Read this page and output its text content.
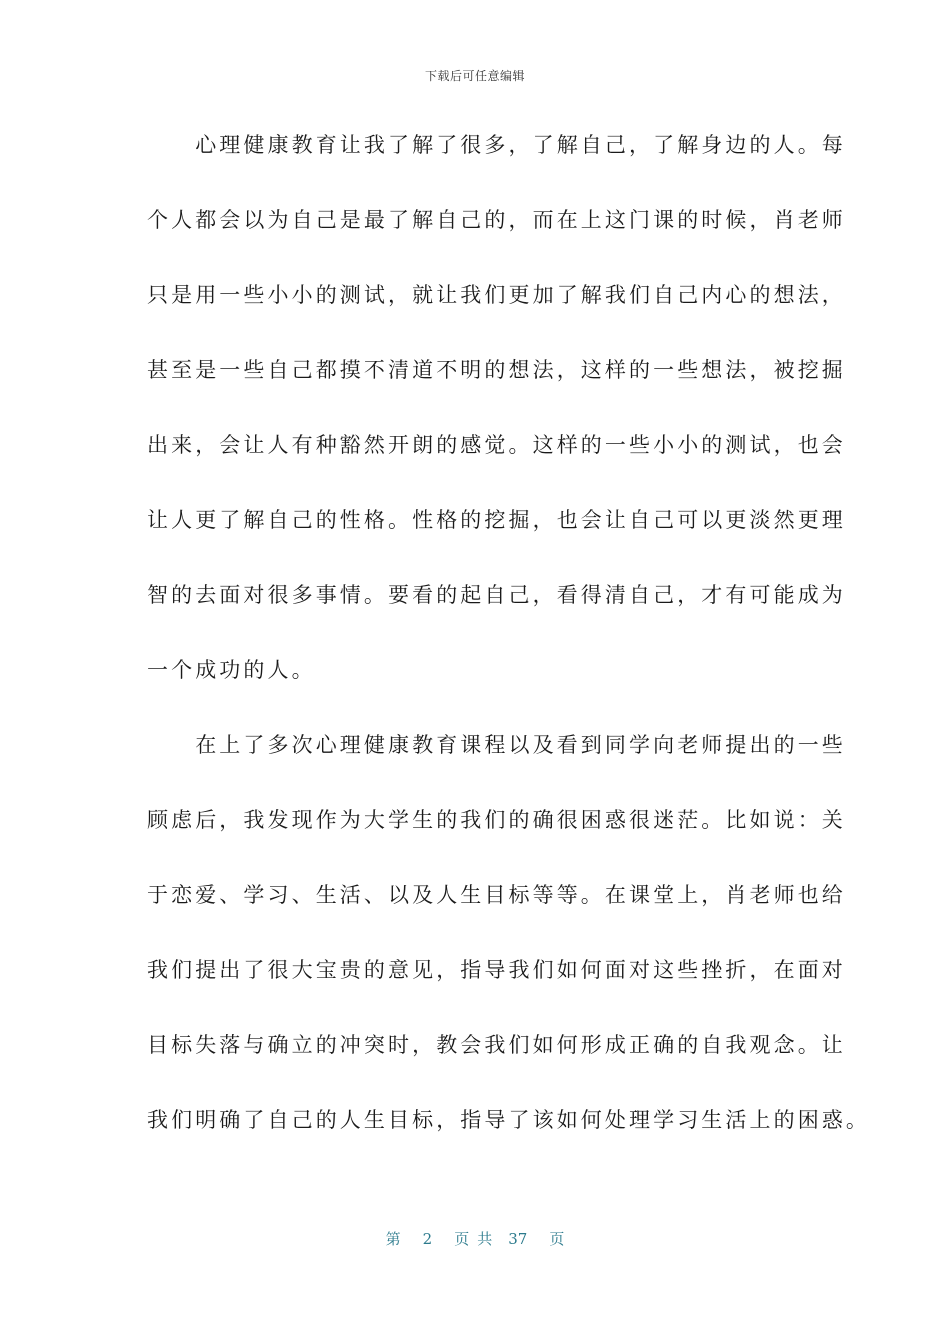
下载后可任意编辑
　　心理健康教育让我了解了很多，了解自己，了解身边的人。每
个人都会以为自己是最了解自己的，而在上这门课的时候，肖老师
只是用一些小小的测试，就让我们更加了解我们自己内心的想法，
甚至是一些自己都摸不清道不明的想法，这样的一些想法，被挖掘
出来，会让人有种豁然开朗的感觉。这样的一些小小的测试，也会
让人更了解自己的性格。性格的挖掘，也会让自己可以更淡然更理
智的去面对很多事情。要看的起自己，看得清自己，才有可能成为
一个成功的人。
　　在上了多次心理健康教育课程以及看到同学向老师提出的一些
顾虑后，我发现作为大学生的我们的确很困惑很迷茫。比如说：关
于恋爱、学习、生活、以及人生目标等等。在课堂上，肖老师也给
我们提出了很大宝贵的意见，指导我们如何面对这些挫折，在面对
目标失落与确立的冲突时，教会我们如何形成正确的自我观念。让
我们明确了自己的人生目标，指导了该如何处理学习生活上的困惑。
第 2 页共 37 页
